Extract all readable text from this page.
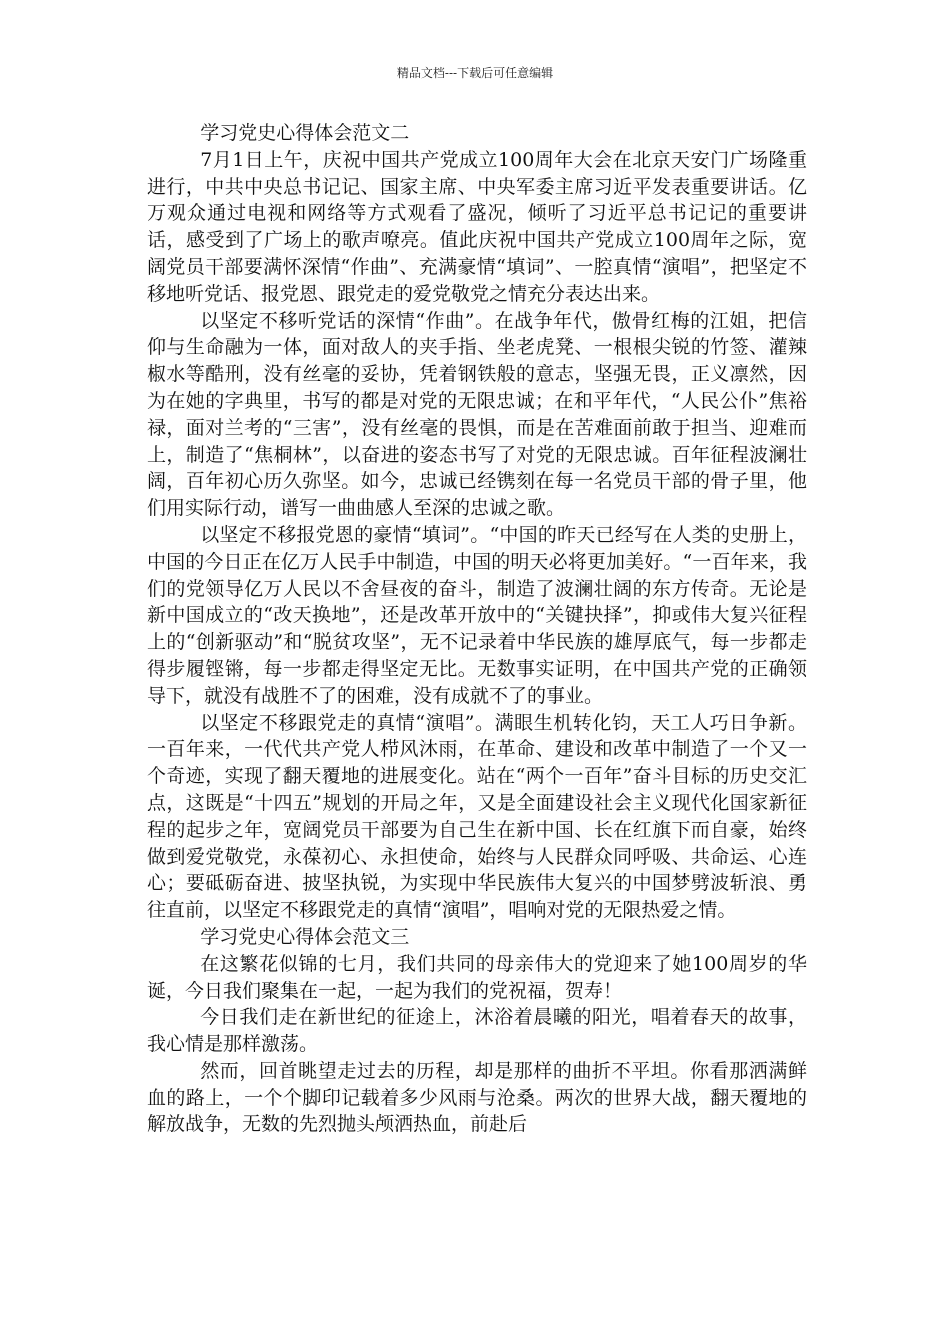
精品文档---下载后可任意编辑
学习党史心得体会范文二

7月1日上午，庆祝中国共产党成立100周年大会在北京天安门广场隆重进行，中共中央总书记记、国家主席、中央军委主席习近平发表重要讲话。亿万观众通过电视和网络等方式观看了盛况，倾听了习近平总书记记的重要讲话，感受到了广场上的歌声嘹亮。值此庆祝中国共产党成立100周年之际，宽阔党员干部要满怀深情“作曲”、充满豪情“填词”、一腔真情“演唱”，把坚定不移地听党话、报党恩、跟党走的爱党敬党之情充分表达出来。

以坚定不移听党话的深情“作曲”。在战争年代，傲骨红梅的江姐，把信仰与生命融为一体，面对敌人的夹手指、坐老虎凳、一根根尖锐的竹签、灌辣椒水等酷刑，没有丝毫的妥协，凭着钢铁般的意志，坚强无畏，正义凛然，因为在她的字典里，书写的都是对党的无限忠诚；在和平年代，“人民公仆”焦裕禄，面对兰考的“三害”，没有丝毫的畏惧，而是在苦难面前敢于担当、迎难而上，制造了“焦桐林”，以奋进的姿态书写了对党的无限忠诚。百年征程波澜壮阔，百年初心历久弥坚。如今，忠诚已经镌刻在每一名党员干部的骨子里，他们用实际行动，谱写一曲曲感人至深的忠诚之歌。

以坚定不移报党恩的豪情“填词”。“中国的昨天已经写在人类的史册上，中国的今日正在亿万人民手中制造，中国的明天必将更加美好。“一百年来，我们的党领导亿万人民以不舍昼夜的奋斗，制造了波澜壮阔的东方传奇。无论是新中国成立的“改天换地”，还是改革开放中的“关键抉择”，抑或伟大复兴征程上的“创新驱动”和“脱贫攻坚”，无不记录着中华民族的雄厚底气，每一步都走得步履铿锵，每一步都走得坚定无比。无数事实证明，在中国共产党的正确领导下，就没有战胜不了的困难，没有成就不了的事业。

以坚定不移跟党走的真情“演唱”。满眼生机转化钧，天工人巧日争新。一百年来，一代代共产党人栉风沐雨，在革命、建设和改革中制造了一个又一个奇迹，实现了翻天覆地的进展变化。站在“两个一百年”奋斗目标的历史交汇点，这既是“十四五”规划的开局之年，又是全面建设社会主义现代化国家新征程的起步之年，宽阔党员干部要为自己生在新中国、长在红旗下而自豪，始终做到爱党敬党，永葆初心、永担使命，始终与人民群众同呼吸、共命运、心连心；要砥砺奋进、披坚执锐，为实现中华民族伟大复兴的中国梦劈波斩浪、勇往直前，以坚定不移跟党走的真情“演唱”，唱响对党的无限热爱之情。

学习党史心得体会范文三

在这繁花似锦的七月，我们共同的母亲伟大的党迎来了她100周岁的华诞，今日我们聚集在一起，一起为我们的党祝福，贺寿！

今日我们走在新世纪的征途上，沐浴着晨曦的阳光，唱着春天的故事，我心情是那样激荡。

然而，回首眺望走过去的历程，却是那样的曲折不平坦。你看那洒满鲜血的路上，一个个脚印记载着多少风雨与沧桑。两次的世界大战，翻天覆地的解放战争，无数的先烈抛头颅洒热血，前赴后
